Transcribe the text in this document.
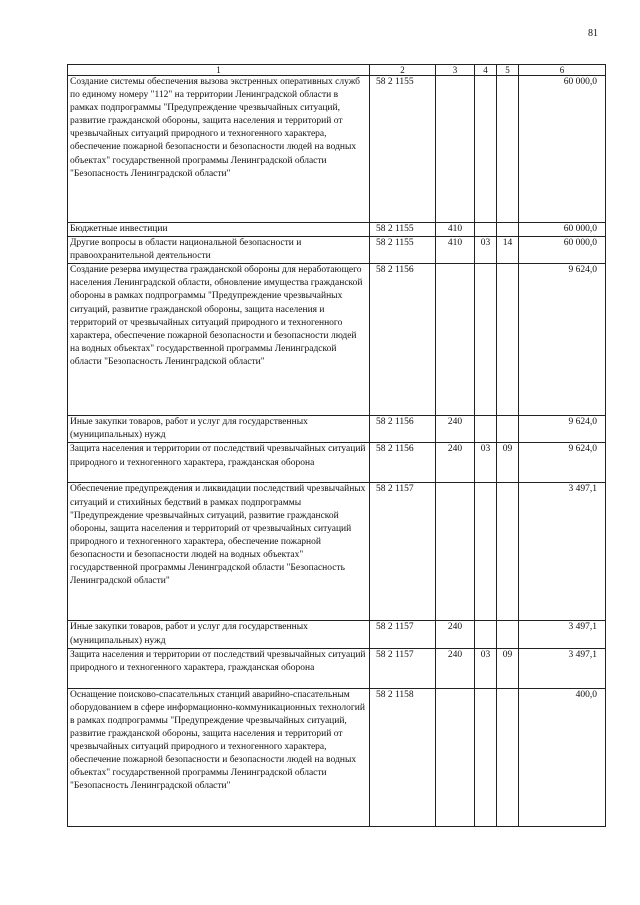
81
1	2	3	4	5	6
Создание системы обеспечения вызова экстренных оперативных служб по единому номеру "112" на территории Ленинградской области в рамках подпрограммы "Предупреждение чрезвычайных ситуаций, развитие гражданской обороны, защита населения и территорий от чрезвычайных ситуаций природного и техногенного характера, обеспечение пожарной безопасности и безопасности людей на водных объектах" государственной программы Ленинградской области "Безопасность Ленинградской области"	58 2 1155				60 000,0
Бюджетные инвестиции	58 2 1155	410			60 000,0
Другие вопросы в области национальной безопасности и правоохранительной деятельности	58 2 1155	410	03	14	60 000,0
Создание резерва имущества гражданской обороны для неработающего населения Ленинградской области, обновление имущества гражданской обороны в рамках подпрограммы "Предупреждение чрезвычайных ситуаций, развитие гражданской обороны, защита населения и территорий от чрезвычайных ситуаций природного и техногенного характера, обеспечение пожарной безопасности и безопасности людей на водных объектах" государственной программы Ленинградской области "Безопасность Ленинградской области"	58 2 1156				9 624,0
Иные закупки товаров, работ и услуг для государственных (муниципальных) нужд	58 2 1156	240			9 624,0
Защита населения и территории от последствий чрезвычайных ситуаций природного и техногенного характера, гражданская оборона	58 2 1156	240	03	09	9 624,0
Обеспечение предупреждения и ликвидации последствий чрезвычайных ситуаций и стихийных бедствий в рамках подпрограммы "Предупреждение чрезвычайных ситуаций, развитие гражданской обороны, защита населения и территорий от чрезвычайных ситуаций природного и техногенного характера, обеспечение пожарной безопасности и безопасности людей на водных объектах" государственной программы Ленинградской области "Безопасность Ленинградской области"	58 2 1157				3 497,1
Иные закупки товаров, работ и услуг для государственных (муниципальных) нужд	58 2 1157	240			3 497,1
Защита населения и территории от последствий чрезвычайных ситуаций природного и техногенного характера, гражданская оборона	58 2 1157	240	03	09	3 497,1
Оснащение поисково-спасательных станций аварийно-спасательным оборудованием в сфере информационно-коммуникационных технологий в рамках подпрограммы "Предупреждение чрезвычайных ситуаций, развитие гражданской обороны, защита населения и территорий от чрезвычайных ситуаций природного и техногенного характера, обеспечение пожарной безопасности и безопасности людей на водных объектах" государственной программы Ленинградской области "Безопасность Ленинградской области"	58 2 1158				400,0
